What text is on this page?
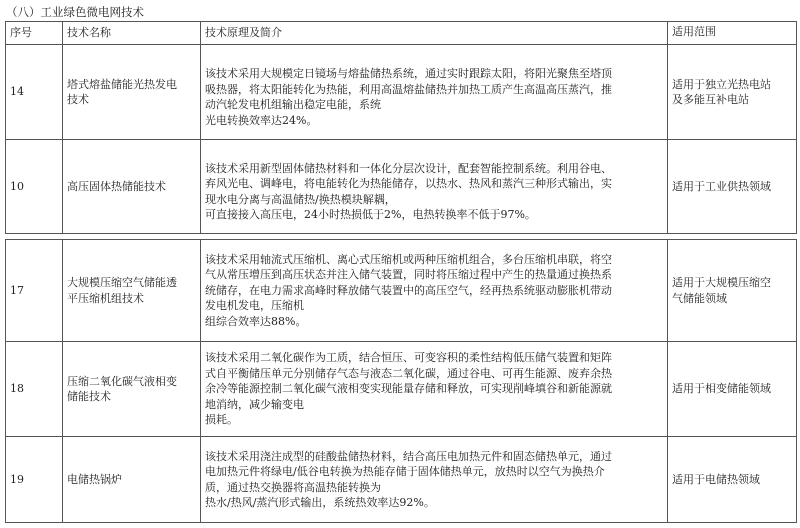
（八）工业绿色微电网技术
序号	技术名称	技术原理及简介	适用范围
14	塔式熔盐储能光热发电
技术	该技术采用大规模定日镜场与熔盐储热系统，通过实时跟踪太阳，将阳光聚焦至塔顶
吸热器，将太阳能转化为热能，利用高温熔盐储热并加热工质产生高温高压蒸汽，推
动汽轮发电机组输出稳定电能，系统
光电转换效率达24%。	适用于独立光热电站
及多能互补电站

10	高压固体热储能技术	该技术采用新型固体储热材料和一体化分层次设计，配套智能控制系统。利用谷电、
弃风光电、调峰电，将电能转化为热能储存，以热水、热风和蒸汽三种形式输出，实
现水电分离与高温储热/换热模块解耦，
可直接接入高压电，24小时热损低于2%，电热转换率不低于97%。	适用于工业供热领域
17	大规模压缩空气储能透
平压缩机组技术	该技术采用轴流式压缩机、离心式压缩机或两种压缩机组合，多台压缩机串联，将空
气从常压增压到高压状态并注入储气装置，同时将压缩过程中产生的热量通过换热系
统储存，在电力需求高峰时释放储气装置中的高压空气，经再热系统驱动膨胀机带动
发电机发电，压缩机
组综合效率达88%。	适用于大规模压缩空
气储能领域

18	压缩二氧化碳气液相变
储能技术	该技术采用二氧化碳作为工质，结合恒压、可变容积的柔性结构低压储气装置和矩阵
式自平衡储压单元分别储存气态与液态二氧化碳，通过谷电、可再生能源、废弃余热
余冷等能源控制二氧化碳气液相变实现能量存储和释放，可实现削峰填谷和新能源就
地消纳，减少输变电
损耗。	适用于相变储能领域

19	电储热锅炉	该技术采用浇注成型的硅酸盐储热材料，结合高压电加热元件和固态储热单元，通过
电加热元件将绿电/低谷电转换为热能存储于固体储热单元，放热时以空气为换热介
质，通过热交换器将高温热能转换为
热水/热风/蒸汽形式输出，系统热效率达92%。	适用于电储热领域
